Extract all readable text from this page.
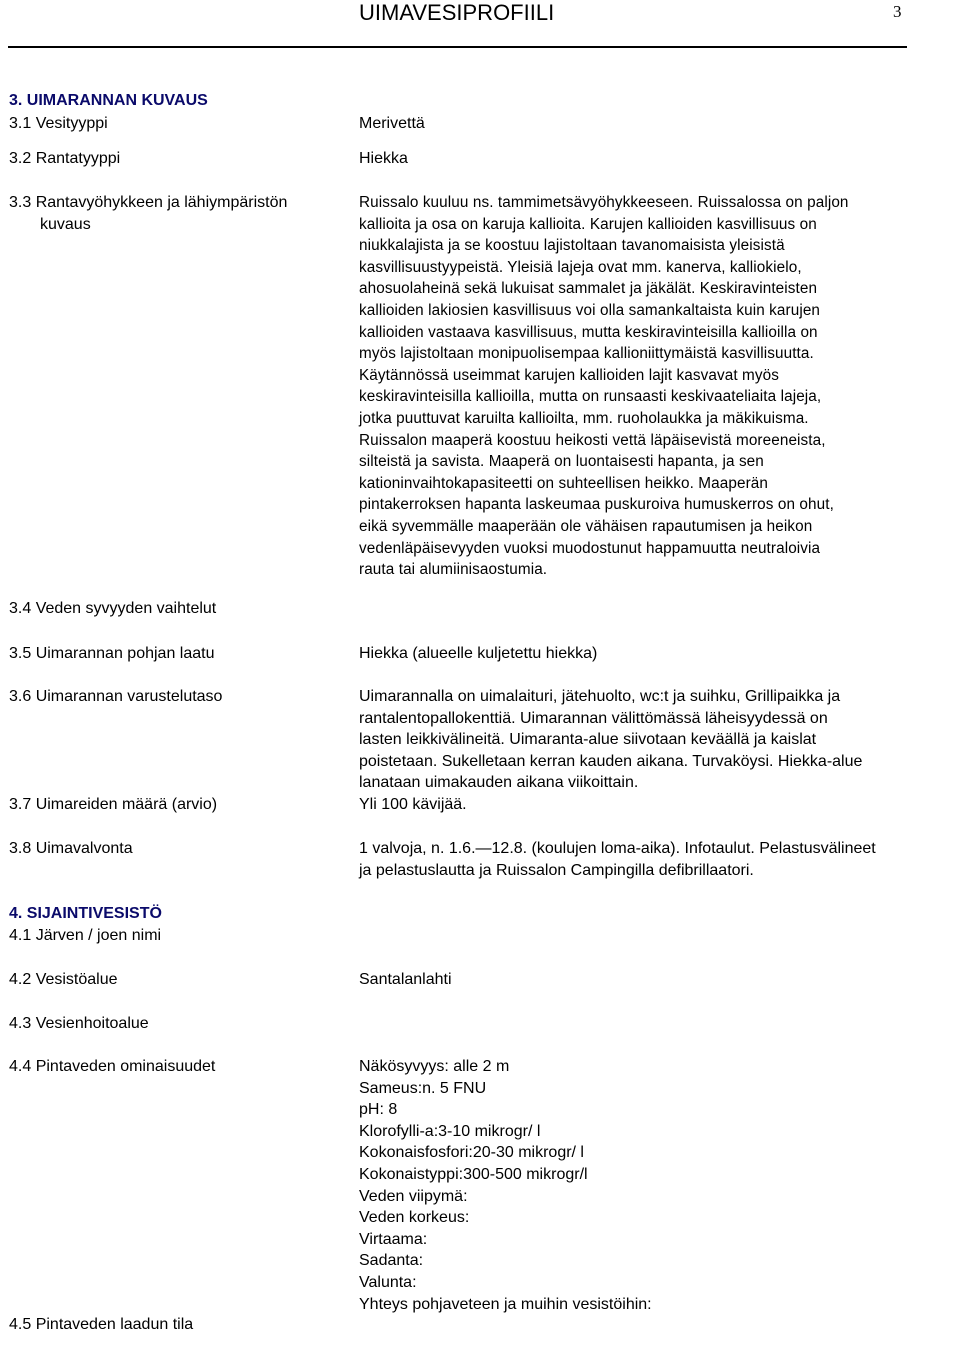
UIMAVESIPROFIILI	3
3. UIMARANNAN KUVAUS
3.1 Vesityyppi	Merivettä
3.2 Rantatyyppi	Hiekka
3.3 Rantavyöhykkeen ja lähiympäristön
kuvaus
Ruissalo kuuluu ns. tammimetsävyöhykkeeseen. Ruissalossa on paljon
kallioita ja osa on karuja kallioita. Karujen kallioiden kasvillisuus on
niukkalajista ja se koostuu lajistoltaan tavanomaisista yleisistä
kasvillisuustyypeistä. Yleisiä lajeja ovat mm. kanerva, kalliokielo,
ahosuolaheinä sekä lukuisat sammalet ja jäkälät. Keskiravinteisten
kallioiden lakiosien kasvillisuus voi olla samankaltaista kuin karujen
kallioiden vastaava kasvillisuus, mutta keskiravinteisilla kallioilla on
myös lajistoltaan monipuolisempaa kallioniittymäistä kasvillisuutta.
Käytännössä useimmat karujen kallioiden lajit kasvavat myös
keskiravinteisilla kallioilla, mutta on runsaasti keskivaateliaita lajeja,
jotka puuttuvat karuilta kallioilta, mm. ruoholaukka ja mäkikuisma.
Ruissalon maaperä koostuu heikosti vettä läpäisevistä moreeneista,
silteistä ja savista. Maaperä on luontaisesti hapanta, ja sen
kationinvaihtokapasiteetti on suhteellisen heikko. Maaperän
pintakerroksen hapanta laskeumaa puskuroiva humuskerros on ohut,
eikä syvemmälle maaperään ole vähäisen rapautumisen ja heikon
vedenläpäisevyyden vuoksi muodostunut happamuutta neutraloivia
rauta tai alumiinisaostumia.
3.4 Veden syvyyden vaihtelut
3.5 Uimarannan pohjan laatu	Hiekka (alueelle kuljetettu hiekka)
3.6 Uimarannan varustelutaso	Uimarannalla on uimalaituri, jätehuolto, wc:t ja suihku, Grillipaikka ja
rantalentopallokenttiä. Uimarannan välittömässä läheisyydessä on
lasten leikkivälineitä. Uimaranta-alue siivotaan keväällä ja kaislat
poistetaan. Sukelletaan kerran kauden aikana. Turvaköysi. Hiekka-alue
lanataan uimakauden aikana viikoittain.
3.7 Uimareiden määrä (arvio)	Yli 100 kävijää.
3.8 Uimavalvonta	1 valvoja, n. 1.6.—12.8. (koulujen loma-aika). Infotaulut. Pelastusvälineet
ja pelastuslautta ja Ruissalon Campingilla defibrillaatori.
4. SIJAINTIVESISTÖ
4.1 Järven / joen nimi
4.2 Vesistöalue	Santalanlahti
4.3 Vesienhoitoalue
4.4 Pintaveden ominaisuudet	Näkösyvyys: alle 2 m
Sameus:n. 5 FNU
pH: 8
Klorofylli-a:3-10 mikrogr/ l
Kokonaisfosfori:20-30 mikrogr/ l
Kokonaistyppi:300-500 mikrogr/l
Veden viipymä:
Veden korkeus:
Virtaama:
Sadanta:
Valunta:
Yhteys pohjaveteen ja muihin vesistöihin:
4.5 Pintaveden laadun tila
